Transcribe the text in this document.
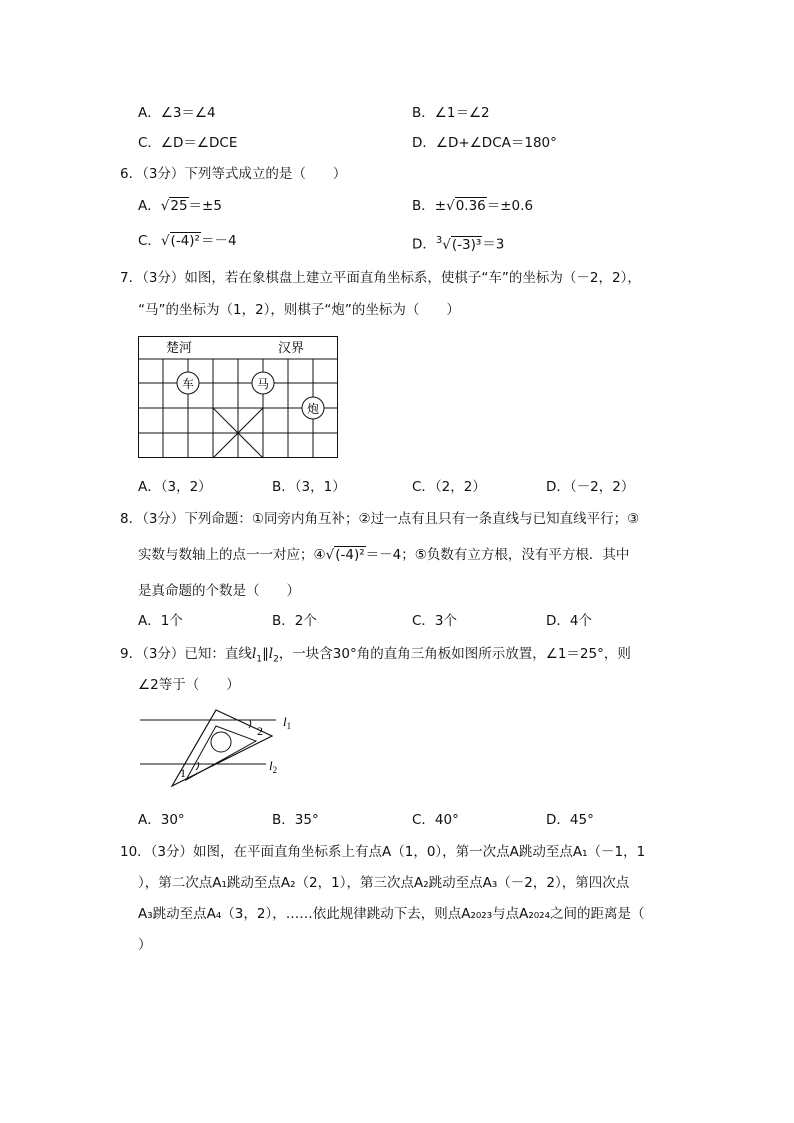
A．∠3＝∠4	B．∠1＝∠2
C．∠D＝∠DCE	D．∠D+∠DCA＝180°
6．（3分）下列等式成立的是（　　）
A．√25＝±5	B．±√0.36＝±0.6
C．√(-4)²＝－4	D．$^3$√(-3)³＝3
7．（3分）如图，若在象棋盘上建立平面直角坐标系，使棋子“车”的坐标为（－2，2），
“马”的坐标为（1，2），则棋子“炮”的坐标为（　　）
楚河	汉界
车	马
炮
A．（3，2）	B．（3，1）	C．（2，2）	D．（－2，2）
8．（3分）下列命题：①同旁内角互补；②过一点有且只有一条直线与已知直线平行；③
实数与数轴上的点一一对应；④√(-4)²＝－4；⑤负数有立方根，没有平方根．其中
是真命题的个数是（　　）
A．1个	B．2个	C．3个	D．4个
9．（3分）已知：直线$l_1\parallel l_2$，一块含30°角的直角三角板如图所示放置，∠1＝25°，则
∠2等于（　　）
1
2
$l_1$
$l_2$
A．30°	B．35°	C．40°	D．45°
10．（3分）如图，在平面直角坐标系上有点A（1，0），第一次点A跳动至点A₁（－1，1
），第二次点A₁跳动至点A₂（2，1），第三次点A₂跳动至点A₃（－2，2），第四次点
A₃跳动至点A₄（3，2），……依此规律跳动下去，则点A₂₀₂₃与点A₂₀₂₄之间的距离是（
）
